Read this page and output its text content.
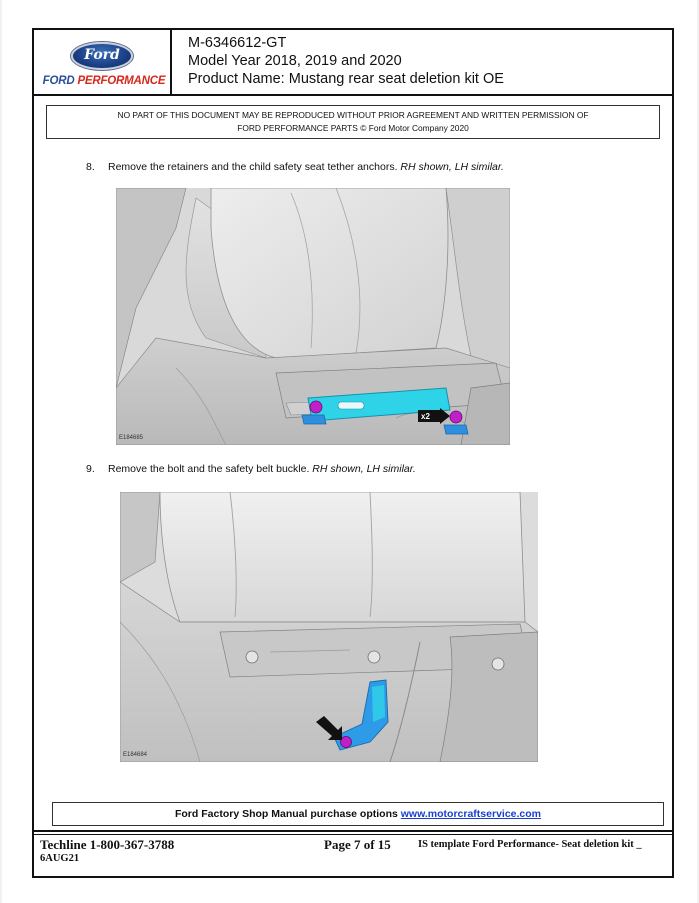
Ford
FORD PERFORMANCE
M-6346612-GT
Model Year 2018, 2019 and 2020
Product Name: Mustang rear seat deletion kit OE
NO PART OF THIS DOCUMENT MAY BE REPRODUCED WITHOUT PRIOR AGREEMENT AND WRITTEN PERMISSION OF
FORD PERFORMANCE PARTS © Ford Motor Company 2020
8. Remove the retainers and the child safety seat tether anchors. RH shown, LH similar.
x2
E184685
9. Remove the bolt and the safety belt buckle. RH shown, LH similar.
E184684
Ford Factory Shop Manual purchase options www.motorcraftservice.com
Techline 1-800-367-3788	Page 7 of 15	IS template Ford Performance- Seat deletion kit _
6AUG21
